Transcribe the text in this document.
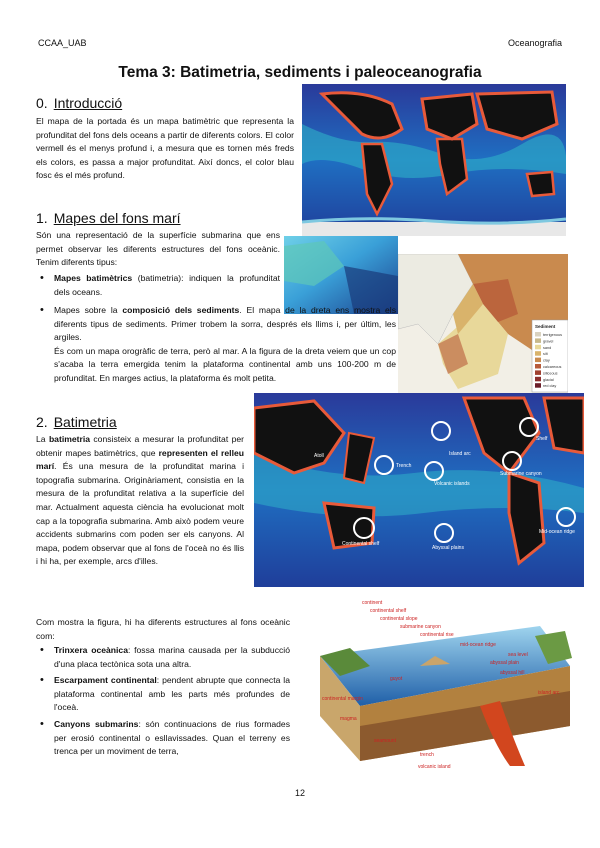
CCAA_UAB	Oceanografia
Tema 3: Batimetria, sediments i paleoceanografia
0. Introducció
El mapa de la portada és un mapa batimètric que representa la profunditat del fons dels oceans a partir de diferents colors. El color vermell és el menys profund i, a mesura que es tornen més freds els colors, es passa a major profunditat. Així doncs, el color blau fosc és el més profund.
1. Mapes del fons marí
Són una representació de la superfície submarina que ens permet observar les diferents estructures del fons oceànic. Tenim diferents tipus:
Sediment
terrigenous
gravel
sand
silt
clay
calcareous
siliceous
glacial
red clay
• Mapes batimètrics (batimetria): indiquen la profunditat dels oceans.
• Mapes sobre la composició dels sediments. El mapa de la dreta ens mostra els diferents tipus de sediments. Primer trobem la sorra, després els llims i, per últim, les argiles.
És com un mapa orogràfic de terra, però al mar. A la figura de la dreta veiem que un cop s'acaba la terra emergida tenim la plataforma continental amb uns 100-200 m de profunditat. En marges actius, la plataforma és molt petita.
2. Batimetria
La batimetria consisteix a mesurar la profunditat per obtenir mapes batimètrics, que representen el relleu marí. És una mesura de la profunditat marina i topografia submarina. Originàriament, consistia en la mesura de la profunditat relativa a la superfície del mar. Actualment aquesta ciència ha evolucionat molt cap a la topografia submarina. Amb això podem veure accidents submarins com poden ser els canyons. Al mapa, podem observar que al fons de l'oceà no és llis i hi ha, per exemple, arcs d'illes.
Island arc
Trench
Volcanic islands
Shelf
Submarine canyon
Continental shelf
Abyssal plains
Mid-ocean ridge
Atoll
Com mostra la figura, hi ha diferents estructures al fons oceànic com:
• Trinxera oceànica: fossa marina causada per la subducció d'una placa tectònica sota una altra.
• Escarpament continental: pendent abrupte que connecta la plataforma continental amb les parts més profundes de l'oceà.
• Canyons submarins: són continuacions de rius formades per erosió continental o esllavissades. Quan el terreny es trenca per un moviment de terra,
continent
continental shelf
continental slope
submarine canyon
continental rise
mid-ocean ridge
sea level
abyssal plain
guyot
abyssal hill
continental margin
island arc
magma
seamount
trench
volcanic island
12
